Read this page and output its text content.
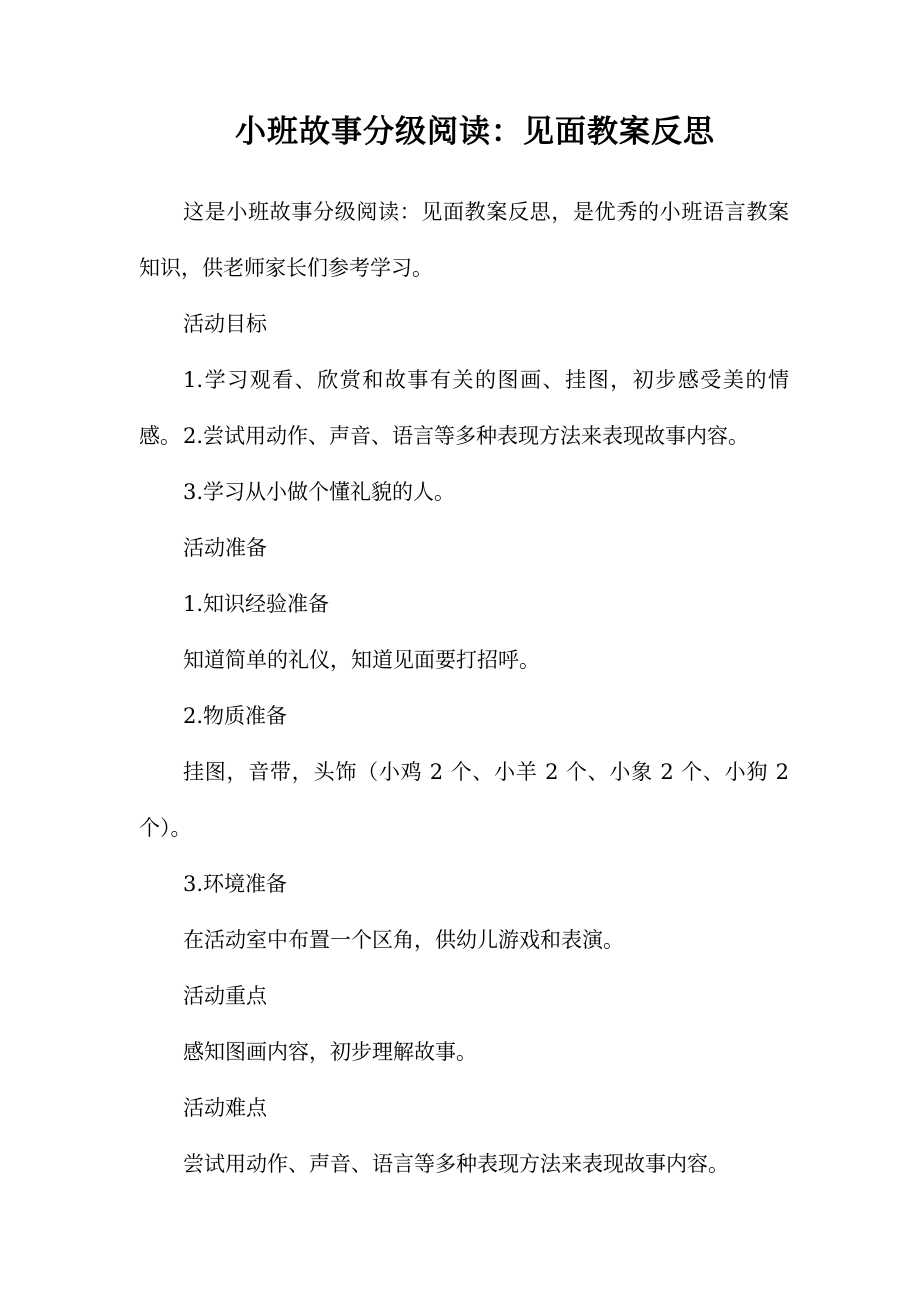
小班故事分级阅读：见面教案反思

这是小班故事分级阅读：见面教案反思，是优秀的小班语言教案知识，供老师家长们参考学习。

活动目标

1.学习观看、欣赏和故事有关的图画、挂图，初步感受美的情感。 2.尝试用动作、声音、语言等多种表现方法来表现故事内容。

3.学习从小做个懂礼貌的人。

活动准备

1.知识经验准备

知道简单的礼仪，知道见面要打招呼。

2.物质准备

挂图，音带，头饰（小鸡 2 个、小羊 2 个、小象 2 个、小狗 2 个）。

3.环境准备

在活动室中布置一个区角，供幼儿游戏和表演。

活动重点

感知图画内容，初步理解故事。

活动难点

尝试用动作、声音、语言等多种表现方法来表现故事内容。
